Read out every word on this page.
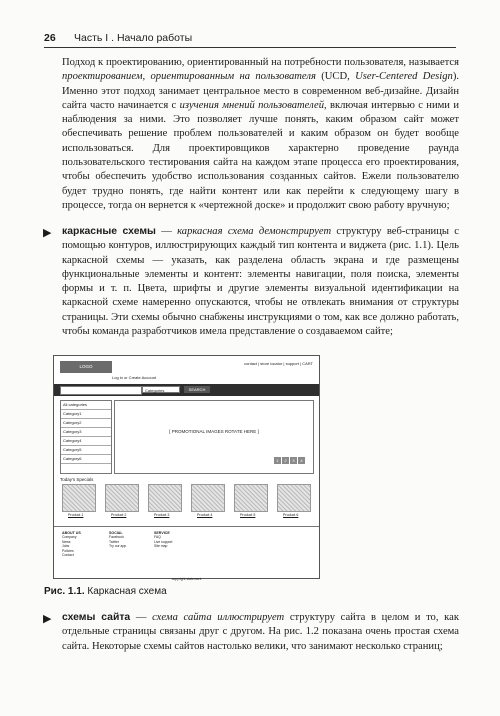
26 Часть I . Начало работы

Подход к проектированию, ориентированный на потребности пользователя, называется проектированием, ориентированным на пользователя (UCD, User-Centered Design). Именно этот подход занимает центральное место в современном веб-дизайне. Дизайн сайта часто начинается с изучения мнений пользователей, включая интервью с ними и наблюдения за ними. Это позволяет лучше понять, каким образом сайт может обеспечивать решение проблем пользователей и каким образом он будет вообще использоваться. Для проектировщиков характерно проведение раунда пользовательского тестирования сайта на каждом этапе процесса его проектирования, чтобы обеспечить удобство использования созданных сайтов. Ежели пользователю будет трудно понять, где найти контент или как перейти к следующему шагу в процессе, тогда он вернется к «чертежной доске» и продолжит свою работу вручную;

▶ каркасные схемы — каркасная схема демонстрирует структуру веб-страницы с помощью контуров, иллюстрирующих каждый тип контента и виджета (рис. 1.1). Цель каркасной схемы — указать, как разделена область экрана и где размещены функциональные элементы и контент: элементы навигации, поля поиска, элементы формы и т. п. Цвета, шрифты и другие элементы визуальной идентификации на каркасной схеме намеренно опускаются, чтобы не отвлекать внимания от структуры страницы. Эти схемы обычно снабжены инструкциями о том, как все должно работать, чтобы команда разработчиков имела представление о создаваемом сайте;

LOGO
contact | store locator | support | CART
Log in or Create Account
Categories	SEARCH
All categories
Category1
Category2
Category3
Category4
Category5
Category6
[ PROMOTIONAL IMAGES ROTATE HERE ]
1 2 3 4
Today's Specials
Product 1	Product 2	Product 3	Product 4	Product 5	Product 6
ABOUT US
Company
News
Jobs
Policies
Contact
SOCIAL
Facebook
Twitter
Try our app
SERVICE
FAQ
Live support
Site map
copyright statement
Рис. 1.1. Каркасная схема
▶ схемы сайта — схема сайта иллюстрирует структуру сайта в целом и то, как отдельные страницы связаны друг с другом. На рис. 1.2 показана очень простая схема сайта. Некоторые схемы сайтов настолько велики, что занимают несколько страниц;
